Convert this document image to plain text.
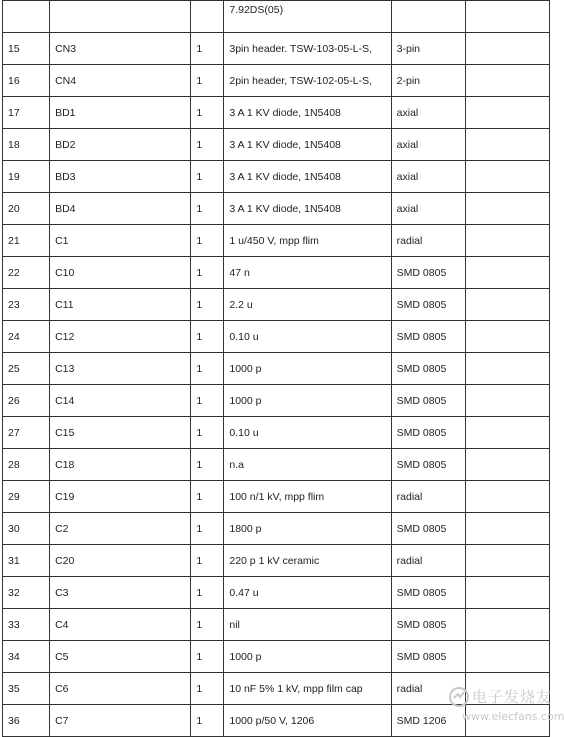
			7.92DS(05)		
15	CN3	1	3pin header. TSW-103-05-L-S,	3-pin	
16	CN4	1	2pin header, TSW-102-05-L-S,	2-pin	
17	BD1	1	3 A 1 KV diode, 1N5408	axial	
18	BD2	1	3 A 1 KV diode, 1N5408	axial	
19	BD3	1	3 A 1 KV diode, 1N5408	axial	
20	BD4	1	3 A 1 KV diode, 1N5408	axial	
21	C1	1	1 u/450 V, mpp flim	radial	
22	C10	1	47 n	SMD 0805	
23	C11	1	2.2 u	SMD 0805	
24	C12	1	0.10 u	SMD 0805	
25	C13	1	1000 p	SMD 0805	
26	C14	1	1000 p	SMD 0805	
27	C15	1	0.10 u	SMD 0805	
28	C18	1	n.a	SMD 0805	
29	C19	1	100 n/1 kV, mpp flim	radial	
30	C2	1	1800 p	SMD 0805	
31	C20	1	220 p 1 kV ceramic	radial	
32	C3	1	0.47 u	SMD 0805	
33	C4	1	nil	SMD 0805	
34	C5	1	1000 p	SMD 0805	
35	C6	1	10 nF 5% 1 kV, mpp film cap	radial	
36	C7	1	1000 p/50 V, 1206	SMD 1206	
电子发烧友
www.elecfans.com
